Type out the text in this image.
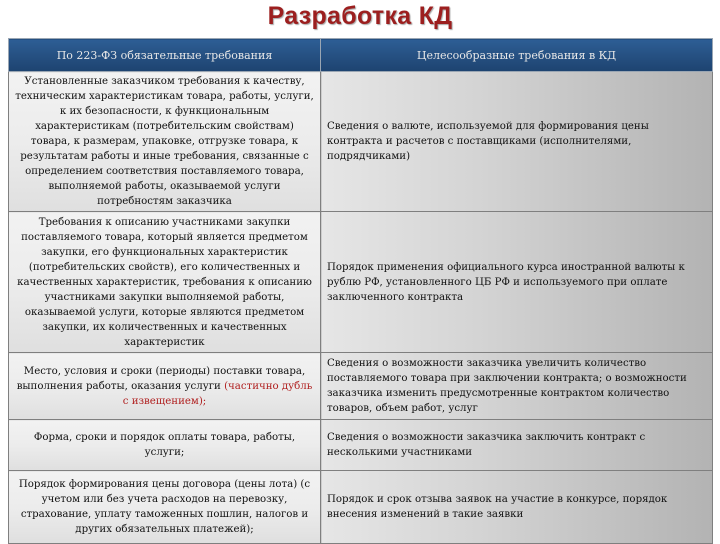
Разработка КД
По 223-ФЗ обязательные требования	Целесообразные требования в КД
Установленные заказчиком требования к качеству, техническим характеристикам товара, работы, услуги, к их безопасности, к функциональным характеристикам (потребительским свойствам) товара, к размерам, упаковке, отгрузке товара, к результатам работы и иные требования, связанные с определением соответствия поставляемого товара, выполняемой работы, оказываемой услуги потребностям заказчика	Сведения о валюте, используемой для формирования цены контракта и расчетов с поставщиками (исполнителями, подрядчиками)
Требования к описанию участниками закупки поставляемого товара, который является предметом закупки, его функциональных характеристик (потребительских свойств), его количественных и качественных характеристик, требования к описанию участниками закупки выполняемой работы, оказываемой услуги, которые являются предметом закупки, их количественных и качественных характеристик	Порядок применения официального курса иностранной валюты к рублю РФ, установленного ЦБ РФ и используемого при оплате заключенного контракта
Место, условия и сроки (периоды) поставки товара, выполнения работы, оказания услуги (частично дубль с извещением);	Сведения о возможности заказчика увеличить количество поставляемого товара при заключении контракта; о возможности заказчика изменить предусмотренные контрактом количество товаров, объем работ, услуг
Форма, сроки и порядок оплаты товара, работы, услуги;	Сведения о возможности заказчика заключить контракт с несколькими участниками
Порядок формирования цены договора (цены лота) (с учетом или без учета расходов на перевозку, страхование, уплату таможенных пошлин, налогов и других обязательных платежей);	Порядок и срок отзыва заявок на участие в конкурсе, порядок внесения изменений в такие заявки
